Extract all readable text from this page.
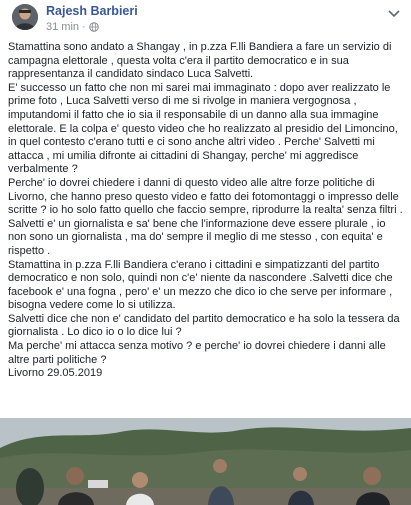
Rajesh Barbieri
31 min ·

Stamattina sono andato a Shangay , in p.zza F.lli Bandiera a fare un servizio di campagna elettorale , questa volta c'era il partito democratico e in sua rappresentanza il candidato sindaco Luca Salvetti.

E' successo un fatto che non mi sarei mai immaginato : dopo aver realizzato le prime foto , Luca Salvetti verso di me si rivolge in maniera vergognosa , imputandomi il fatto che io sia il responsabile di un danno alla sua immagine elettorale. E la colpa e' questo video che ho realizzato al presidio del Limoncino, in quel contesto c'erano tutti e ci sono anche altri video . Perche' Salvetti mi attacca , mi umilia difronte ai cittadini di Shangay, perche' mi aggredisce verbalmente ?

Perche' io dovrei chiedere i danni di questo video alle altre forze politiche di Livorno, che hanno preso questo video e fatto dei fotomontaggi o impresso delle scritte ? io ho solo fatto quello che faccio sempre, riprodurre la realta' senza filtri . Salvetti e' un giornalista e sa' bene che l'informazione deve essere plurale , io non sono un giornalista , ma do' sempre il meglio di me stesso , con equita' e rispetto .

Stamattina in p.zza F.lli Bandiera c'erano i cittadini e simpatizzanti del partito democratico e non solo, quindi non c'e' niente da nascondere .Salvetti dice che facebook e' una fogna , pero' e' un mezzo che dico io che serve per informare , bisogna vedere come lo si utilizza.

Salvetti dice che non e' candidato del partito democratico e ha solo la tessera da giornalista . Lo dico io o lo dice lui ?

Ma perche' mi attacca senza motivo ? e perche' io dovrei chiedere i danni alle altre parti politiche ?

Livorno 29.05.2019
